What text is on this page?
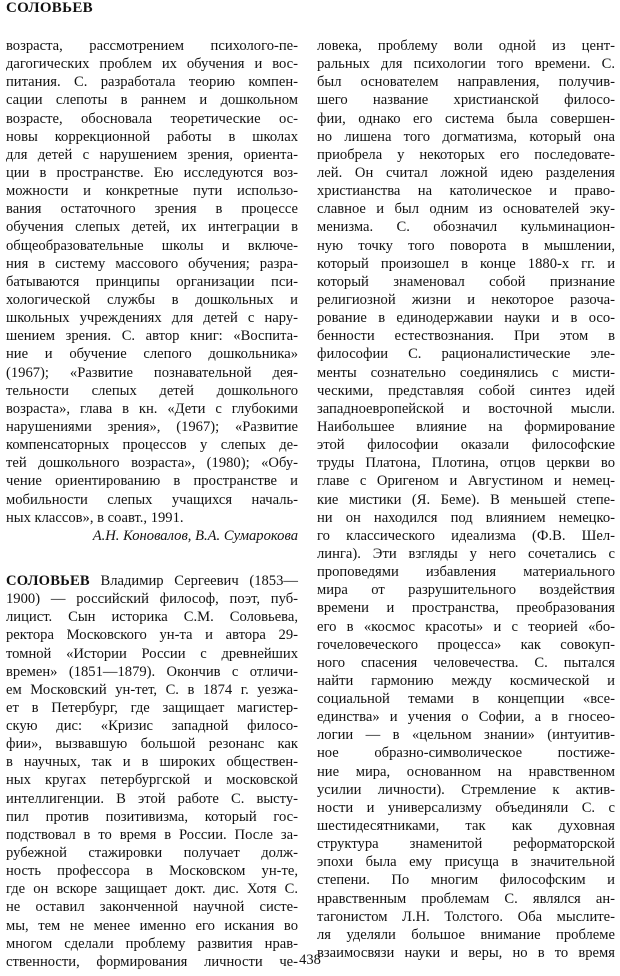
СОЛОВЬЕВ
возраста, рассмотрением психолого-пе-
дагогических проблем их обучения и вос-
питания. С. разработала теорию компен-
сации слепоты в раннем и дошкольном
возрасте, обосновала теоретические ос-
новы коррекционной работы в школах
для детей с нарушением зрения, ориента-
ции в пространстве. Ею исследуются воз-
можности и конкретные пути использо-
вания остаточного зрения в процессе
обучения слепых детей, их интеграции в
общеобразовательные школы и включе-
ния в систему массового обучения; разра-
батываются принципы организации пси-
хологической службы в дошкольных и
школьных учреждениях для детей с нару-
шением зрения. С. автор книг: «Воспита-
ние и обучение слепого дошкольника»
(1967); «Развитие познавательной дея-
тельности слепых детей дошкольного
возраста», глава в кн. «Дети с глубокими
нарушениями зрения», (1967); «Развитие
компенсаторных процессов у слепых де-
тей дошкольного возраста», (1980); «Обу-
чение ориентированию в пространстве и
мобильности слепых учащихся началь-
ных классов», в соавт., 1991.
А.Н. Коновалов, В.А. Сумарокова
СОЛОВЬЕВ Владимир Сергеевич (1853—
1900) — российский философ, поэт, пуб-
лицист. Сын историка С.М. Соловьева,
ректора Московского ун-та и автора 29-
томной «Истории России с древнейших
времен» (1851—1879). Окончив с отличи-
ем Московский ун-тет, С. в 1874 г. уезжа-
ет в Петербург, где защищает магистер-
скую дис: «Кризис западной филосо-
фии», вызвавшую большой резонанс как
в научных, так и в широких обществен-
ных кругах петербургской и московской
интеллигенции. В этой работе С. высту-
пил против позитивизма, который гос-
подствовал в то время в России. После за-
рубежной стажировки получает долж-
ность профессора в Московском ун-те,
где он вскоре защищает докт. дис. Хотя С.
не оставил законченной научной систе-
мы, тем не менее именно его искания во
многом сделали проблему развития нрав-
ственности, формирования личности че-
ловека, проблему воли одной из цент-
ральных для психологии того времени. С.
был основателем направления, получив-
шего название христианской филосо-
фии, однако его система была совершен-
но лишена того догматизма, который она
приобрела у некоторых его последовате-
лей. Он считал ложной идею разделения
христианства на католическое и право-
славное и был одним из основателей эку-
менизма. С. обозначил кульминацион-
ную точку того поворота в мышлении,
который произошел в конце 1880-х гг. и
который знаменовал собой признание
религиозной жизни и некоторое разоча-
рование в единодержавии науки и в осо-
бенности естествознания. При этом в
философии С. рационалистические эле-
менты сознательно соединялись с мисти-
ческими, представляя собой синтез идей
западноевропейской и восточной мысли.
Наибольшее влияние на формирование
этой философии оказали философские
труды Платона, Плотина, отцов церкви во
главе с Оригеном и Августином и немец-
кие мистики (Я. Беме). В меньшей степе-
ни он находился под влиянием немецко-
го классического идеализма (Ф.В. Шел-
линга). Эти взгляды у него сочетались с
проповедями избавления материального
мира от разрушительного воздействия
времени и пространства, преобразования
его в «космос красоты» и с теорией «бо-
гочеловеческого процесса» как совокуп-
ного спасения человечества. С. пытался
найти гармонию между космической и
социальной темами в концепции «все-
единства» и учения о Софии, а в гносео-
логии — в «цельном знании» (интуитив-
ное образно-символическое постиже-
ние мира, основанном на нравственном
усилии личности). Стремление к актив-
ности и универсализму объединяли С. с
шестидесятниками, так как духовная
структура знаменитой реформаторской
эпохи была ему присуща в значительной
степени. По многим философским и
нравственным проблемам С. являлся ан-
тагонистом Л.Н. Толстого. Оба мыслите-
ля уделяли большое внимание проблеме
взаимосвязи науки и веры, но в то время
438
